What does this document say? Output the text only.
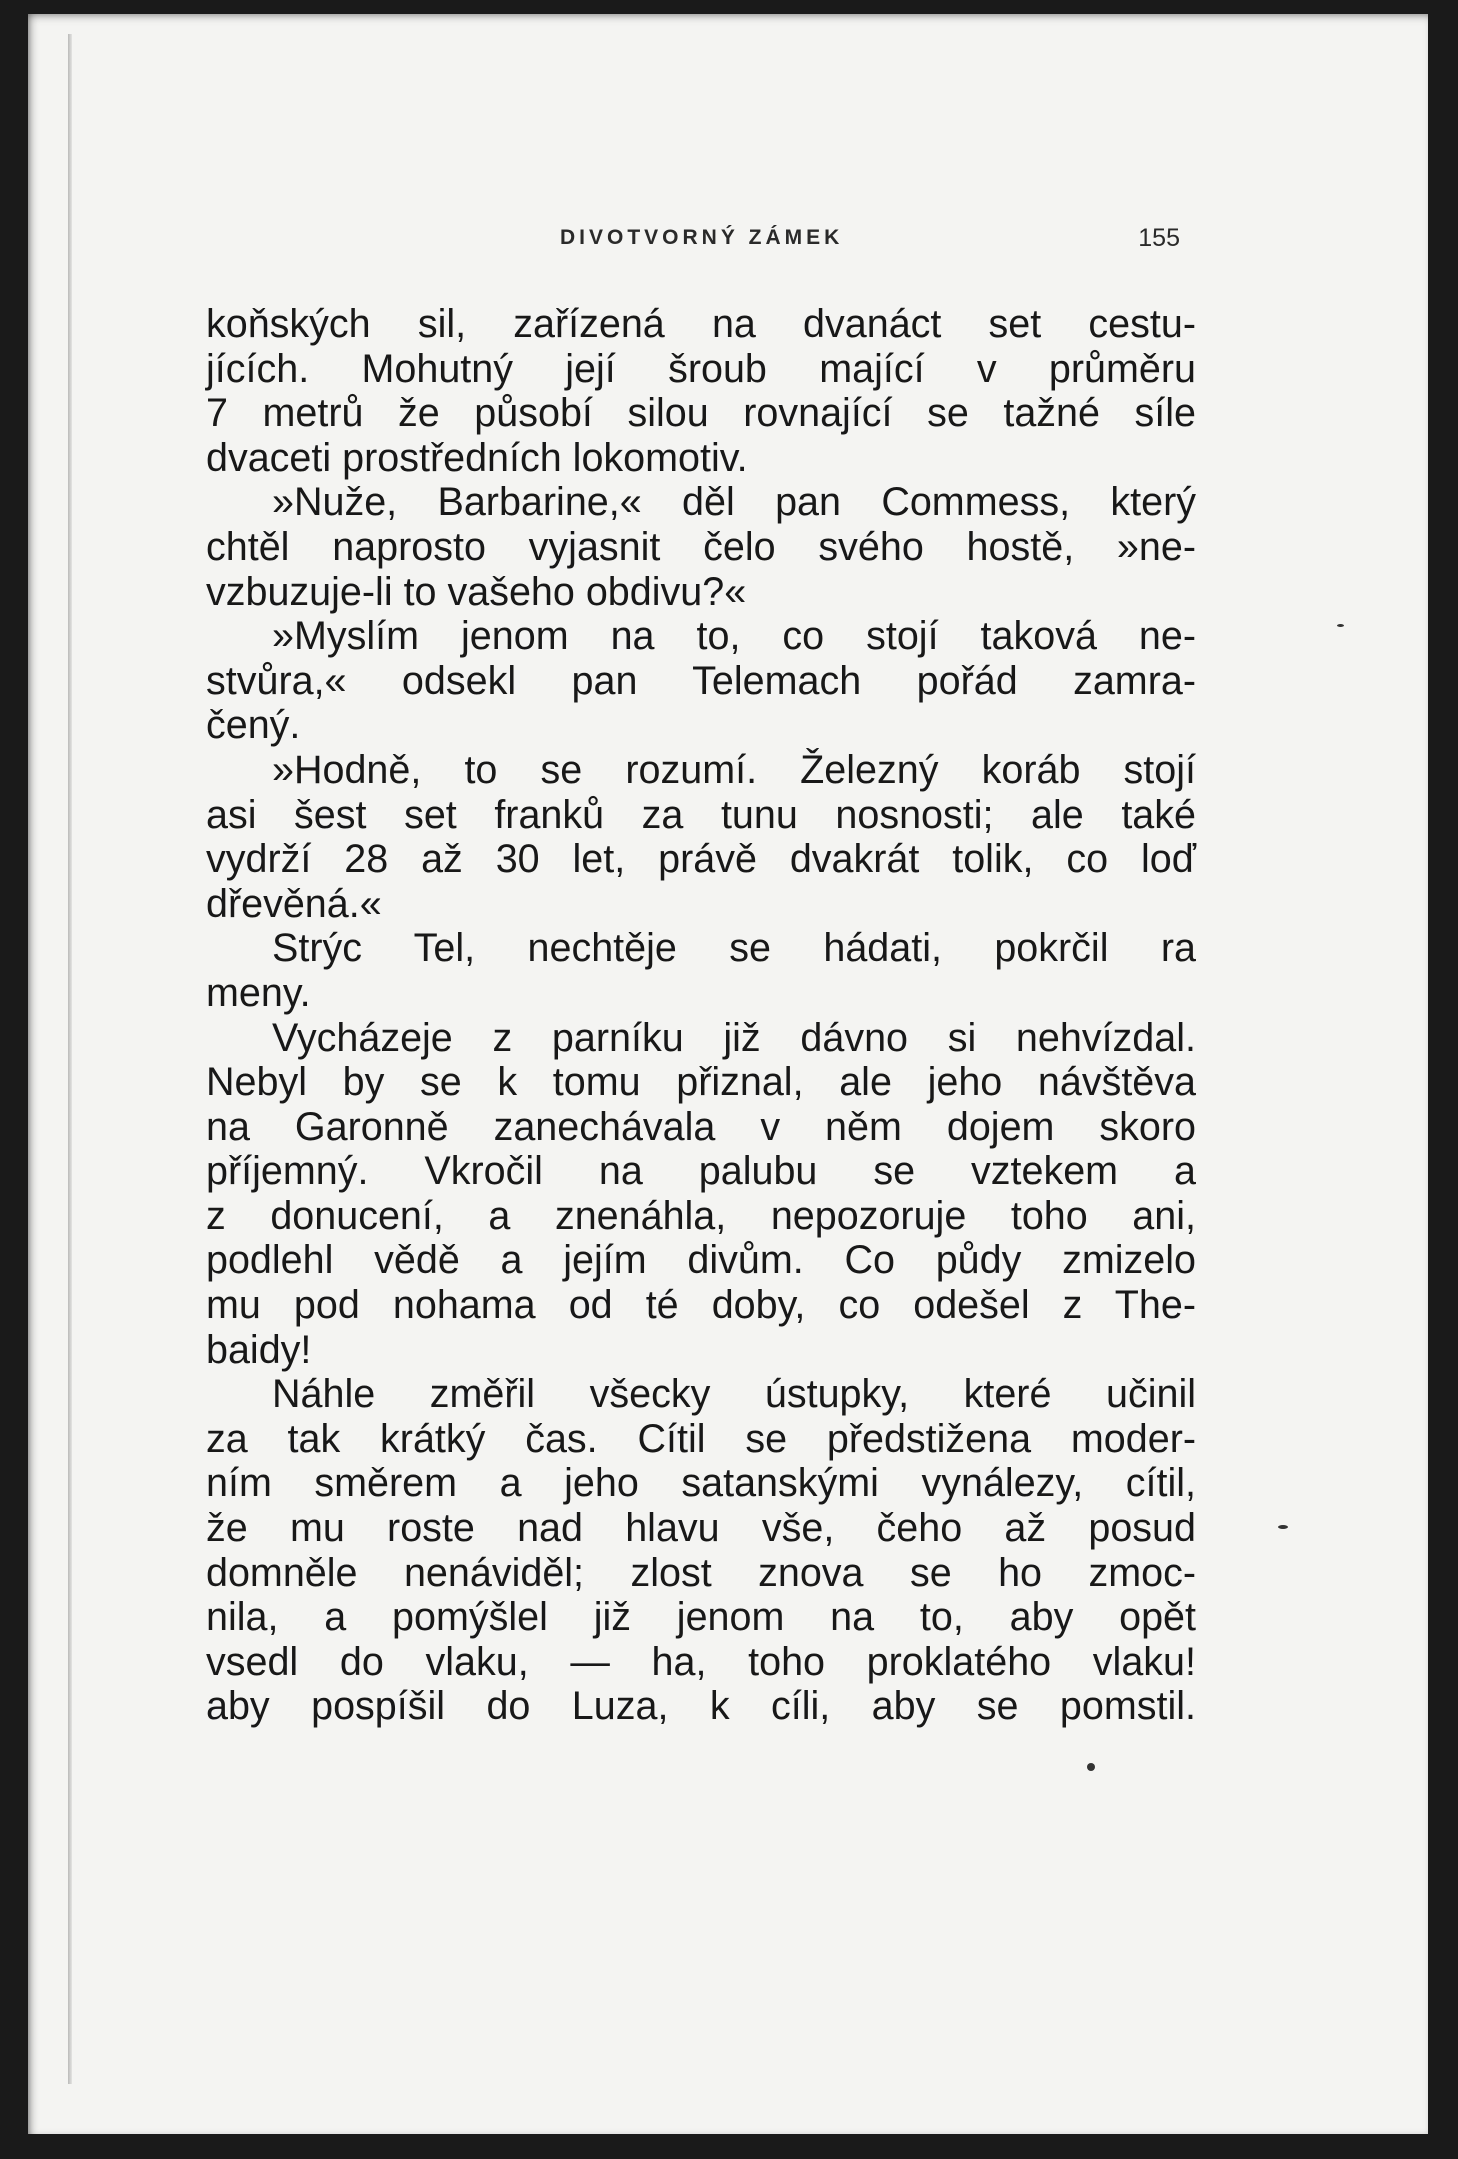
DIVOTVORNÝ ZÁMEK	155
koňských sil, zařízená na dvanáct set cestu-
jících. Mohutný její šroub mající v průměru
7 metrů že působí silou rovnající se tažné síle
dvaceti prostředních lokomotiv.
»Nuže, Barbarine,« děl pan Commess, který
chtěl naprosto vyjasnit čelo svého hostě, »ne-
vzbuzuje-li to vašeho obdivu?«
»Myslím jenom na to, co stojí taková ne-
stvůra,« odsekl pan Telemach pořád zamra-
čený.
»Hodně, to se rozumí. Železný koráb stojí
asi šest set franků za tunu nosnosti; ale také
vydrží 28 až 30 let, právě dvakrát tolik, co loď
dřevěná.«
Strýc Tel, nechtěje se hádati, pokrčil ra
meny.
Vycházeje z parníku již dávno si nehvízdal.
Nebyl by se k tomu přiznal, ale jeho návštěva
na Garonně zanechávala v něm dojem skoro
příjemný. Vkročil na palubu se vztekem a
z donucení, a znenáhla, nepozoruje toho ani,
podlehl vědě a jejím divům. Co půdy zmizelo
mu pod nohama od té doby, co odešel z The-
baidy!
Náhle změřil všecky ústupky, které učinil
za tak krátký čas. Cítil se předstižena moder-
ním směrem a jeho satanskými vynálezy, cítil,
že mu roste nad hlavu vše, čeho až posud
domněle nenáviděl; zlost znova se ho zmoc-
nila, a pomýšlel již jenom na to, aby opět
vsedl do vlaku, — ha, toho proklatého vlaku!
aby pospíšil do Luza, k cíli, aby se pomstil.
